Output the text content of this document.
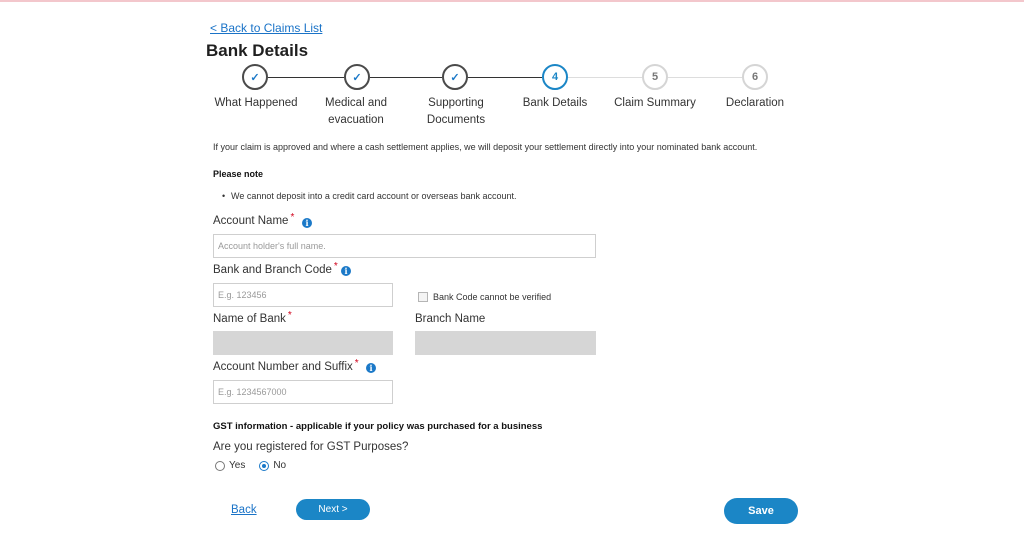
< Back to Claims List
Bank Details
✓	✓	✓	4	5	6
What Happened Medical and
evacuation
Supporting
Documents
Bank Details Claim Summary	Declaration
If your claim is approved and where a cash settlement applies, we will deposit your settlement directly into your nominated bank account.
Please note
• We cannot deposit into a credit card account or overseas bank account.
Account Name *	i
Account holder's full name.
Bank and Branch Code * i
E.g. 123456	Bank Code cannot be verified
Name of Bank *	Branch Name
Account Number and Suffix *	i
E.g. 1234567000
GST information - applicable if your policy was purchased for a business
Are you registered for GST Purposes?
Yes	No
Back	Next >	Save
